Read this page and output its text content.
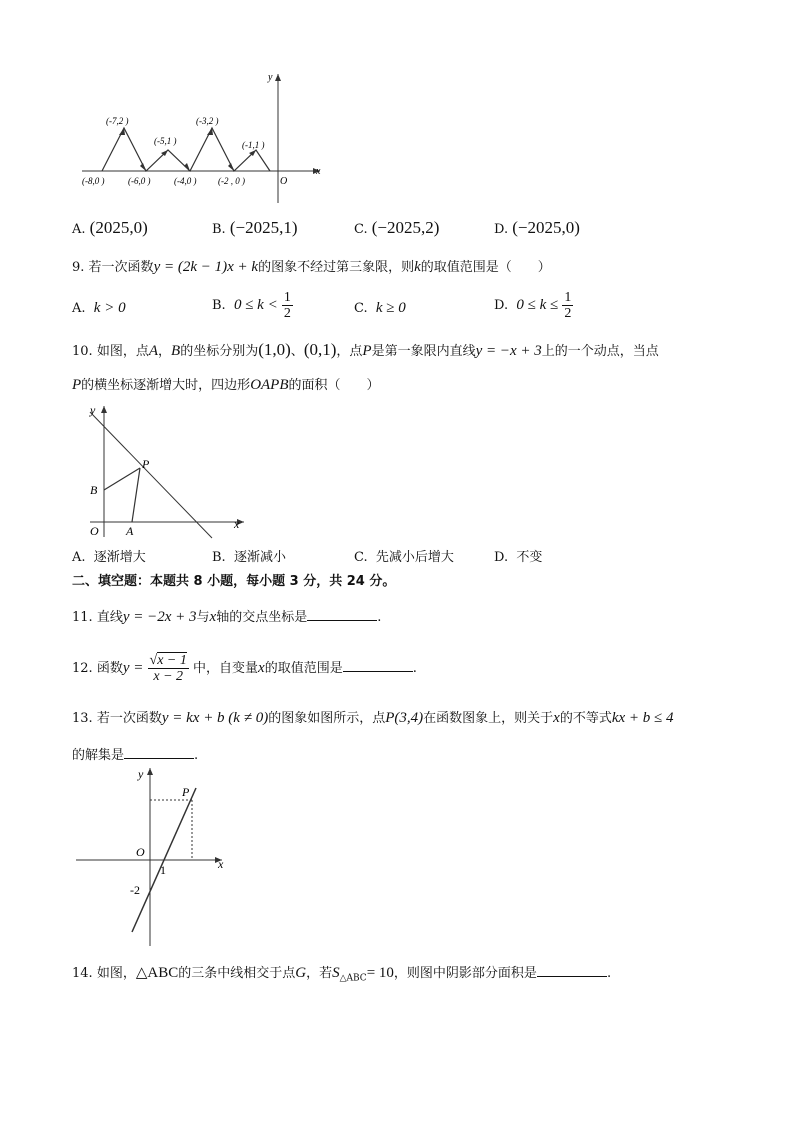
y
x
O
(-7,2 )
(-5,1 )
(-3,2 )
(-1,1 )
(-8,0 )	(-6,0 )	(-4,0 ) (-2 , 0 )
A. (2025,0)	B. (−2025,1)	C. (−2025,2)	D. (−2025,0)
9. 若一次函数y = (2k − 1)x + k的图象不经过第三象限，则k的取值范围是（　　）
A. k > 0	B. $0 \le k < \frac{1}{2}$	C. k ≥ 0	D. $0 \le k \le \frac{1}{2}$
10. 如图，点A，B的坐标分别为(1,0)、(0,1)，点P是第一象限内直线y = −x + 3上的一个动点，当点
P的横坐标逐渐增大时，四边形OAPB的面积（　　）
y
x
O A
B
P
A. 逐渐增大	B. 逐渐减小	C. 先减小后增大	D. 不变
二、填空题：本题共 8 小题，每小题 3 分，共 24 分。
11. 直线y = −2x + 3与x轴的交点坐标是	.
12. 函数$y = \frac{√x - 1}{x - 2}$ 中，自变量x的取值范围是	.
13. 若一次函数y = kx + b (k ≠ 0)的图象如图所示，点P(3,4)在函数图象上，则关于x的不等式kx + b ≤ 4
的解集是	.
y
x
O
P
1
-2
14. 如图，△ABC的三条中线相交于点G，若$S_{\triangle ABC}= 10$，则图中阴影部分面积是	.
